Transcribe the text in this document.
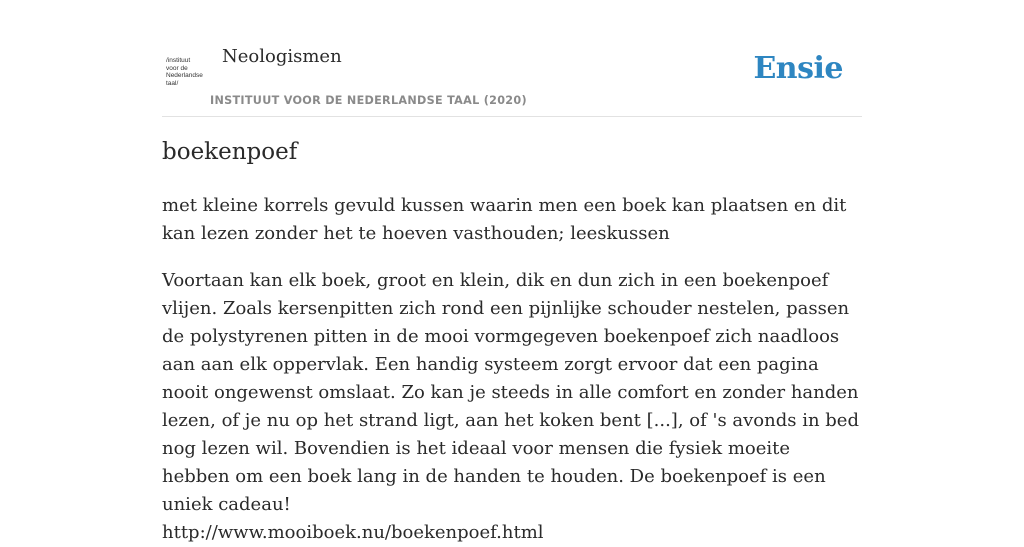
/instituut
voor de
Nederlandse
taal/
Neologismen
INSTITUUT VOOR DE NEDERLANDSE TAAL (2020)
Ensie
boekenpoef

met kleine korrels gevuld kussen waarin men een boek kan plaatsen en dit kan lezen zonder het te hoeven vasthouden; leeskussen

Voortaan kan elk boek, groot en klein, dik en dun zich in een boekenpoef vlijen. Zoals kersenpitten zich rond een pijnlijke schouder nestelen, passen de polystyrenen pitten in de mooi vormgegeven boekenpoef zich naadloos aan aan elk oppervlak. Een handig systeem zorgt ervoor dat een pagina nooit ongewenst omslaat. Zo kan je steeds in alle comfort en zonder handen lezen, of je nu op het strand ligt, aan het koken bent [...], of 's avonds in bed nog lezen wil. Bovendien is het ideaal voor mensen die fysiek moeite hebben om een boek lang in de handen te houden. De boekenpoef is een uniek cadeau!
http://www.mooiboek.nu/boekenpoef.html
